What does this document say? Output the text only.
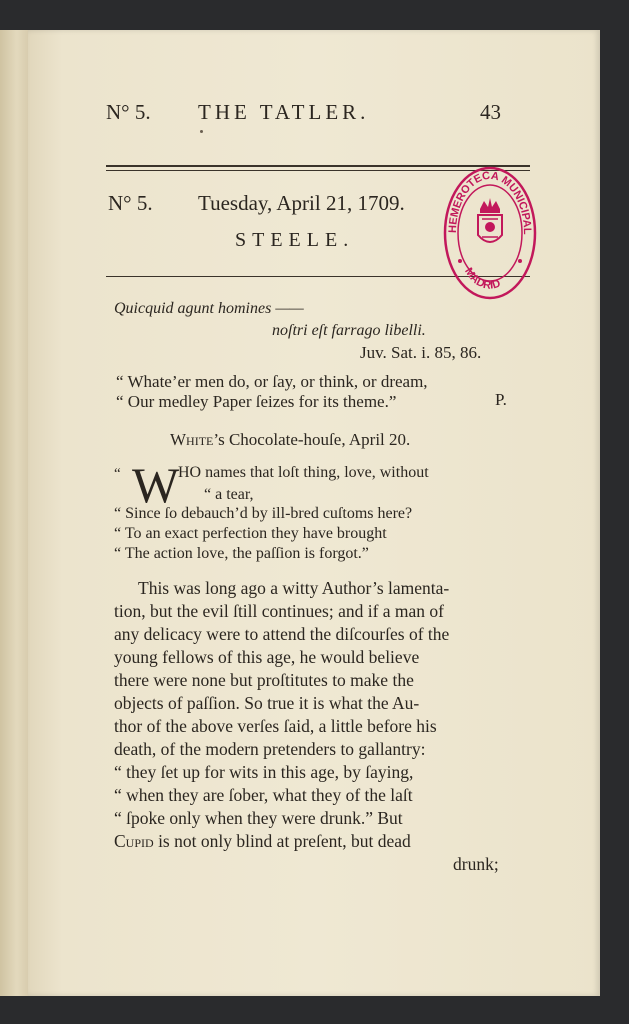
N° 5. THE TATLER.	43
N° 5. Tuesday, April 21, 1709.
STEELE.
HEMEROTECA MUNICIPAL
MADRID
Quicquid agunt homines ——
noſtri eſt farrago libelli.
Juv. Sat. i. 85, 86.
“ Whate’er men do, or ſay, or think, or dream,
“ Our medley Paper ſeizes for its theme.”	P.
White’s Chocolate-houſe, April 20.
“ W
HO names that loſt thing, love, without
“ a tear,
“ Since ſo debauch’d by ill-bred cuſtoms here?
“ To an exact perfection they have brought
“ The action love, the paſſion is forgot.”
This was long ago a witty Author’s lamenta-
tion, but the evil ſtill continues; and if a man of
any delicacy were to attend the diſcourſes of the
young fellows of this age, he would believe
there were none but proſtitutes to make the
objects of paſſion. So true it is what the Au-
thor of the above verſes ſaid, a little before his
death, of the modern pretenders to gallantry:
“ they ſet up for wits in this age, by ſaying,
“ when they are ſober, what they of the laſt
“ ſpoke only when they were drunk.” But
Cupid is not only blind at preſent, but dead
drunk;
